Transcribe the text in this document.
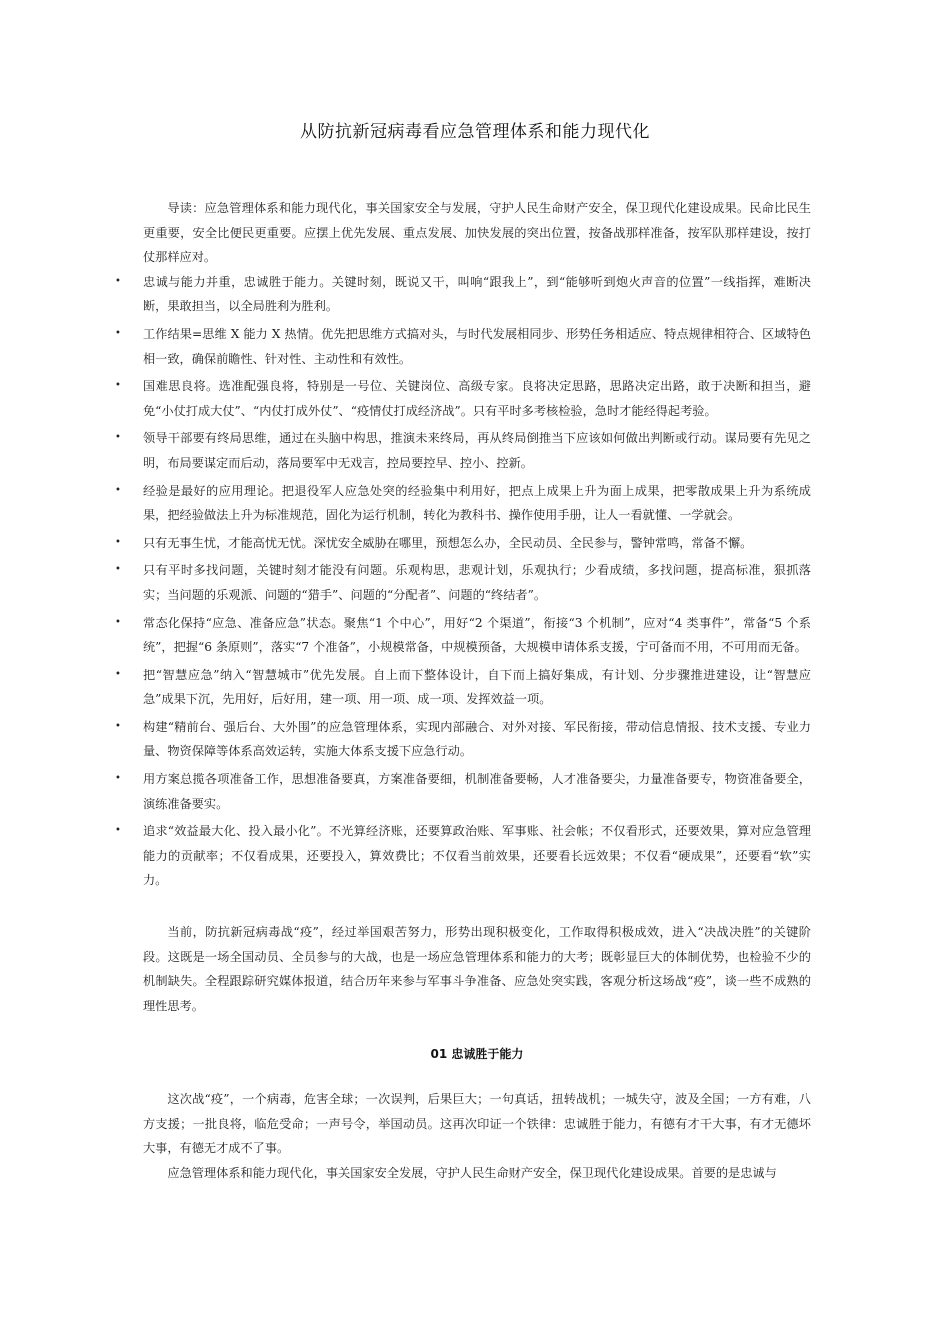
从防抗新冠病毒看应急管理体系和能力现代化

导读：应急管理体系和能力现代化，事关国家安全与发展，守护人民生命财产安全，保卫现代化建设成果。民命比民生更重要，安全比便民更重要。应摆上优先发展、重点发展、加快发展的突出位置，按备战那样准备，按军队那样建设，按打仗那样应对。

• 忠诚与能力并重，忠诚胜于能力。关键时刻，既说又干，叫响“跟我上”，到“能够听到炮火声音的位置”一线指挥，难断决断，果敢担当，以全局胜利为胜利。
• 工作结果=思维 X 能力 X 热情。优先把思维方式搞对头，与时代发展相同步、形势任务相适应、特点规律相符合、区域特色相一致，确保前瞻性、针对性、主动性和有效性。
• 国难思良将。选准配强良将，特别是一号位、关键岗位、高级专家。良将决定思路，思路决定出路，敢于决断和担当，避免“小仗打成大仗”、“内仗打成外仗”、“疫情仗打成经济战”。只有平时多考核检验，急时才能经得起考验。
• 领导干部要有终局思维，通过在头脑中构思，推演未来终局，再从终局倒推当下应该如何做出判断或行动。谋局要有先见之明，布局要谋定而后动，落局要军中无戏言，控局要控早、控小、控新。
• 经验是最好的应用理论。把退役军人应急处突的经验集中利用好，把点上成果上升为面上成果，把零散成果上升为系统成果，把经验做法上升为标准规范，固化为运行机制，转化为教科书、操作使用手册，让人一看就懂、一学就会。
• 只有无事生忧，才能高忧无忧。深忧安全威胁在哪里，预想怎么办，全民动员、全民参与，警钟常鸣，常备不懈。
• 只有平时多找问题，关键时刻才能没有问题。乐观构思，悲观计划，乐观执行；少看成绩，多找问题，提高标准，狠抓落实；当问题的乐观派、问题的“猎手”、问题的“分配者”、问题的“终结者”。
• 常态化保持“应急、准备应急”状态。聚焦“1 个中心”，用好“2 个渠道”，衔接“3 个机制”，应对“4 类事件”，常备“5 个系统”，把握“6 条原则”，落实“7 个准备”，小规模常备，中规模预备，大规模申请体系支援，宁可备而不用，不可用而无备。
• 把“智慧应急”纳入“智慧城市”优先发展。自上而下整体设计，自下而上搞好集成，有计划、分步骤推进建设，让“智慧应急”成果下沉，先用好，后好用，建一项、用一项、成一项、发挥效益一项。
• 构建“精前台、强后台、大外围”的应急管理体系，实现内部融合、对外对接、军民衔接，带动信息情报、技术支援、专业力量、物资保障等体系高效运转，实施大体系支援下应急行动。
• 用方案总揽各项准备工作，思想准备要真，方案准备要细，机制准备要畅，人才准备要尖，力量准备要专，物资准备要全，演练准备要实。
• 追求“效益最大化、投入最小化”。不光算经济账，还要算政治账、军事账、社会帐；不仅看形式，还要效果，算对应急管理能力的贡献率；不仅看成果，还要投入，算效费比；不仅看当前效果，还要看长远效果；不仅看“硬成果”，还要看“软”实力。

当前，防抗新冠病毒战“疫”，经过举国艰苦努力，形势出现积极变化，工作取得积极成效，进入“决战决胜”的关键阶段。这既是一场全国动员、全员参与的大战，也是一场应急管理体系和能力的大考；既彰显巨大的体制优势，也检验不少的机制缺失。全程跟踪研究媒体报道，结合历年来参与军事斗争准备、应急处突实践，客观分析这场战“疫”，谈一些不成熟的理性思考。

01 忠诚胜于能力

这次战“疫”，一个病毒，危害全球；一次误判，后果巨大；一句真话，扭转战机；一城失守，波及全国；一方有难，八方支援；一批良将，临危受命；一声号令，举国动员。这再次印证一个铁律：忠诚胜于能力，有德有才干大事，有才无德坏大事，有德无才成不了事。

应急管理体系和能力现代化，事关国家安全发展，守护人民生命财产安全，保卫现代化建设成果。首要的是忠诚与
